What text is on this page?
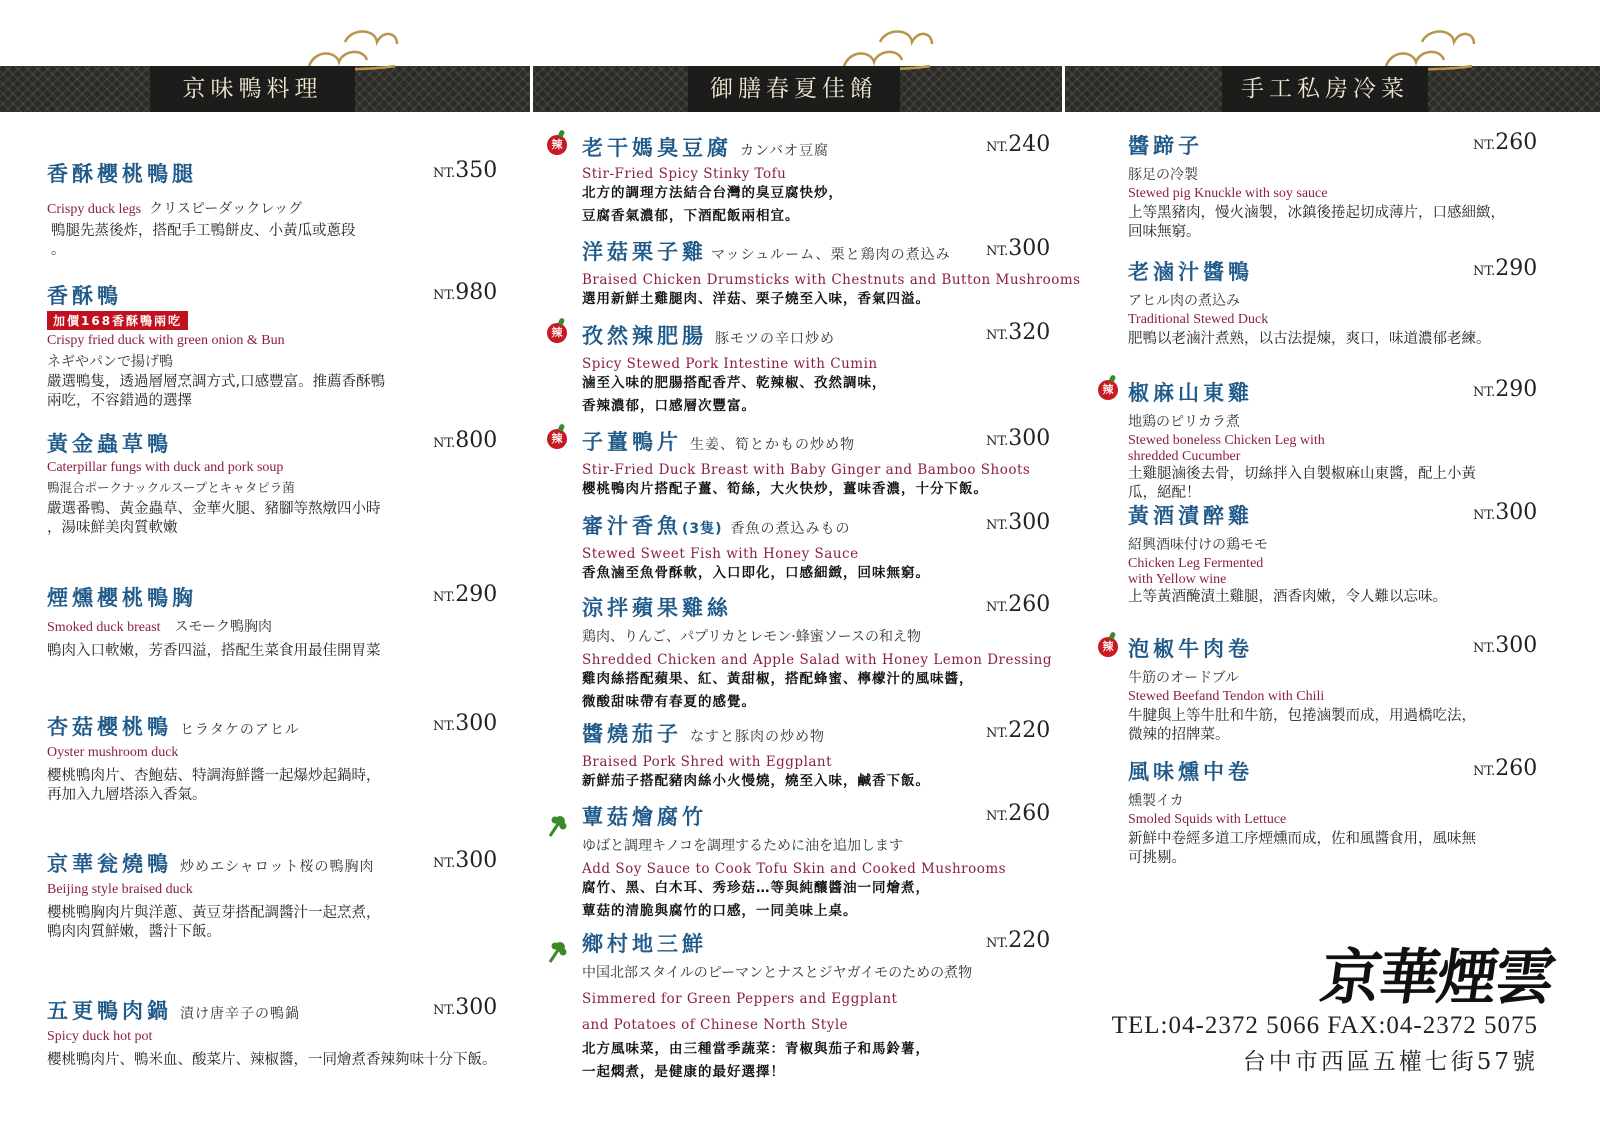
京味鴨料理	御膳春夏佳餚	手工私房冷菜
香酥櫻桃鴨腿	NT.350
Crispy duck legs クリスピーダックレッグ
鴨腿先蒸後炸，搭配手工鴨餅皮、小黃瓜或蔥段
。
香酥鴨	NT.980
加價168香酥鴨兩吃
Crispy fried duck with green onion & Bun
ネギやパンで揚げ鴨
嚴選鴨隻，透過層層烹調方式,口感豐富。推薦香酥鴨
兩吃，不容錯過的選擇
黃金蟲草鴨	NT.800
Caterpillar fungs with duck and pork soup
鴨混合ポークナックルスープとキャタピラ菌
嚴選番鴨、黃金蟲草、金華火腿、豬腳等熬燉四小時
，湯味鮮美肉質軟嫩
煙燻櫻桃鴨胸	NT.290
Smoked duck breast スモーク鴨胸肉
鴨肉入口軟嫩，芳香四溢，搭配生菜食用最佳開胃菜
杏菇櫻桃鴨 ヒラタケのアヒル	NT.300
Oyster mushroom duck
櫻桃鴨肉片、杏鮑菇、特調海鮮醬一起爆炒起鍋時，
再加入九層塔添入香氣。
京華瓮燒鴨 炒めエシャロット桜の鴨胸肉	NT.300
Beijing style braised duck
櫻桃鴨胸肉片與洋蔥、黃豆芽搭配調醬汁一起烹煮，
鴨肉肉質鮮嫩，醬汁下飯。
五更鴨肉鍋 漬け唐辛子の鴨鍋	NT.300
Spicy duck hot pot
櫻桃鴨肉片、鴨米血、酸菜片、辣椒醬，一同燴煮香辣夠味十分下飯。
辣 老干媽臭豆腐 カンバオ豆腐	NT.240
Stir-Fried Spicy Stinky Tofu
北方的調理方法結合台灣的臭豆腐快炒，
豆腐香氣濃郁，下酒配飯兩相宜。
洋菇栗子雞 マッシュルーム、栗と鶏肉の煮込み	NT.300
Braised Chicken Drumsticks with Chestnuts and Button Mushrooms
選用新鮮土雞腿肉、洋菇、栗子燒至入味，香氣四溢。
辣 孜然辣肥腸 豚モツの辛口炒め	NT.320
Spicy Stewed Pork Intestine with Cumin
滷至入味的肥腸搭配香芹、乾辣椒、孜然調味，
香辣濃郁，口感層次豐富。
辣 子薑鴨片 生姜、筍とかもの炒め物	NT.300
Stir-Fried Duck Breast with Baby Ginger and Bamboo Shoots
櫻桃鴨肉片搭配子薑、筍絲，大火快炒，薑味香濃，十分下飯。
審汁香魚(3隻) 香魚の煮込みもの	NT.300
Stewed Sweet Fish with Honey Sauce
香魚滷至魚骨酥軟，入口即化，口感細緻，回味無窮。
涼拌蘋果雞絲	NT.260
鶏肉、りんご、パプリカとレモン·蜂蜜ソースの和え物
Shredded Chicken and Apple Salad with Honey Lemon Dressing
雞肉絲搭配蘋果、紅、黃甜椒，搭配蜂蜜、檸檬汁的風味醬，
微酸甜味帶有春夏的感覺。
醬燒茄子 なすと豚肉の炒め物	NT.220
Braised Pork Shred with Eggplant
新鮮茄子搭配豬肉絲小火慢燒，燒至入味，鹹香下飯。
蕈菇燴腐竹	NT.260
ゆばと調理キノコを調理するために油を追加します
Add Soy Sauce to Cook Tofu Skin and Cooked Mushrooms
腐竹、黑、白木耳、秀珍菇…等與純釀醬油一同燴煮，
蕈菇的清脆與腐竹的口感，一同美味上桌。
鄉村地三鮮	NT.220
中国北部スタイルのピーマンとナスとジヤガイモのための煮物
Simmered for Green Peppers and Eggplant
and Potatoes of Chinese North Style
北方風味菜，由三種當季蔬菜：青椒與茄子和馬鈴薯，
一起燜煮，是健康的最好選擇！
醬蹄子	NT.260
豚足の冷製
Stewed pig Knuckle with soy sauce
上等黑豬肉，慢火滷製，冰鎮後捲起切成薄片，口感細緻，
回味無窮。
老滷汁醬鴨	NT.290
アヒル肉の煮込み
Traditional Stewed Duck
肥鴨以老滷汁煮熟，以古法提煉，爽口，味道濃郁老練。
辣 椒麻山東雞	NT.290
地鶏のピリカラ煮
Stewed boneless Chicken Leg with
shredded Cucumber
土雞腿滷後去骨，切絲拌入自製椒麻山東醬，配上小黃
瓜，絕配！
黃酒漬醉雞	NT.300
紹興酒味付けの鶏モモ
Chicken Leg Fermented
with Yellow wine
上等黃酒醃漬土雞腿，酒香肉嫩，令人難以忘味。
辣 泡椒牛肉卷	NT.300
牛筋のオードブル
Stewed Beefand Tendon with Chili
牛腱與上等牛肚和牛筋，包捲滷製而成，用過橋吃法，
微辣的招牌菜。
風味燻中卷	NT.260
燻製イカ
Smoled Squids with Lettuce
新鮮中卷經多道工序煙燻而成，佐和風醬食用，風味無
可挑剔。
京華煙雲
TEL:04-2372 5066 FAX:04-2372 5075
台中市西區五權七街57號
